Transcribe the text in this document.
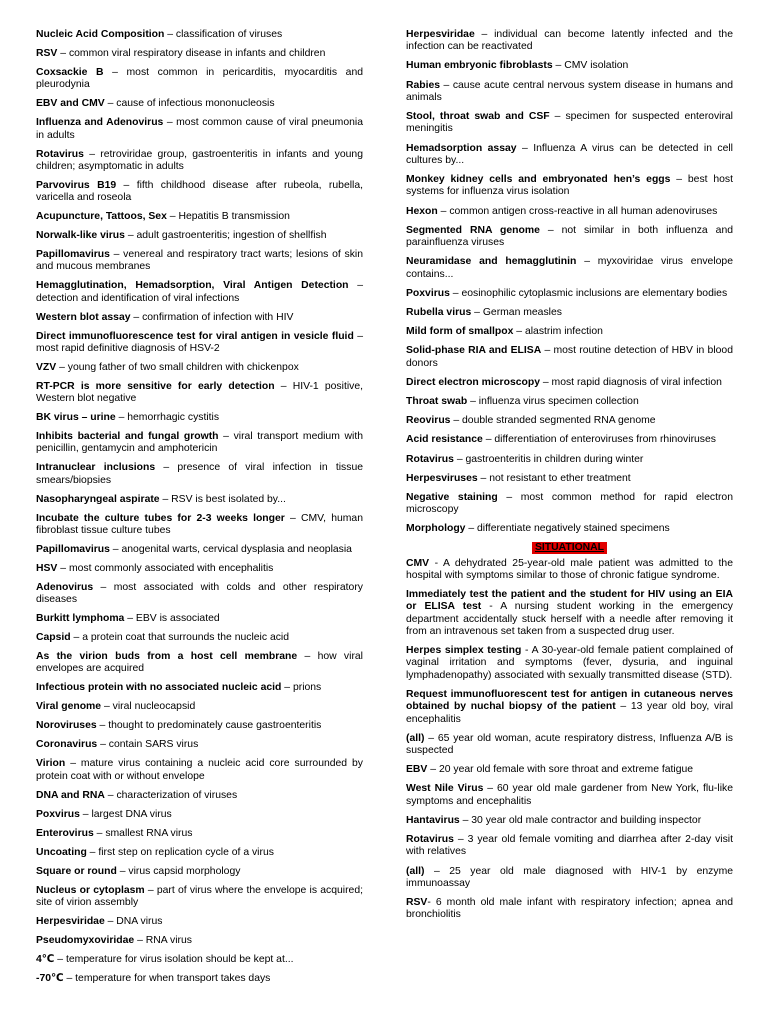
Nucleic Acid Composition – classification of viruses
RSV – common viral respiratory disease in infants and children
Coxsackie B – most common in pericarditis, myocarditis and pleurodynia
EBV and CMV – cause of infectious mononucleosis
Influenza and Adenovirus – most common cause of viral pneumonia in adults
Rotavirus – retroviridae group, gastroenteritis in infants and young children; asymptomatic in adults
Parvovirus B19 – fifth childhood disease after rubeola, rubella, varicella and roseola
Acupuncture, Tattoos, Sex – Hepatitis B transmission
Norwalk-like virus – adult gastroenteritis; ingestion of shellfish
Papillomavirus – venereal and respiratory tract warts; lesions of skin and mucous membranes
Hemagglutination, Hemadsorption, Viral Antigen Detection – detection and identification of viral infections
Western blot assay – confirmation of infection with HIV
Direct immunofluorescence test for viral antigen in vesicle fluid – most rapid definitive diagnosis of HSV-2
VZV – young father of two small children with chickenpox
RT-PCR is more sensitive for early detection – HIV-1 positive, Western blot negative
BK virus – urine – hemorrhagic cystitis
Inhibits bacterial and fungal growth – viral transport medium with penicillin, gentamycin and amphotericin
Intranuclear inclusions – presence of viral infection in tissue smears/biopsies
Nasopharyngeal aspirate – RSV is best isolated by...
Incubate the culture tubes for 2-3 weeks longer – CMV, human fibroblast tissue culture tubes
Papillomavirus – anogenital warts, cervical dysplasia and neoplasia
HSV – most commonly associated with encephalitis
Adenovirus – most associated with colds and other respiratory diseases
Burkitt lymphoma – EBV is associated
Capsid – a protein coat that surrounds the nucleic acid
As the virion buds from a host cell membrane – how viral envelopes are acquired
Infectious protein with no associated nucleic acid – prions
Viral genome – viral nucleocapsid
Noroviruses – thought to predominately cause gastroenteritis
Coronavirus – contain SARS virus
Virion – mature virus containing a nucleic acid core surrounded by protein coat with or without envelope
DNA and RNA – characterization of viruses
Poxvirus – largest DNA virus
Enterovirus – smallest RNA virus
Uncoating – first step on replication cycle of a virus
Square or round – virus capsid morphology
Nucleus or cytoplasm – part of virus where the envelope is acquired; site of virion assembly
Herpesviridae – DNA virus
Pseudomyxoviridae – RNA virus
4℃ – temperature for virus isolation should be kept at...
-70℃ – temperature for when transport takes days
Herpesviridae – individual can become latently infected and the infection can be reactivated
Human embryonic fibroblasts – CMV isolation
Rabies – cause acute central nervous system disease in humans and animals
Stool, throat swab and CSF – specimen for suspected enteroviral meningitis
Hemadsorption assay – Influenza A virus can be detected in cell cultures by...
Monkey kidney cells and embryonated hen’s eggs – best host systems for influenza virus isolation
Hexon – common antigen cross-reactive in all human adenoviruses
Segmented RNA genome – not similar in both influenza and parainfluenza viruses
Neuramidase and hemagglutinin – myxoviridae virus envelope contains...
Poxvirus – eosinophilic cytoplasmic inclusions are elementary bodies
Rubella virus – German measles
Mild form of smallpox – alastrim infection
Solid-phase RIA and ELISA – most routine detection of HBV in blood donors
Direct electron microscopy – most rapid diagnosis of viral infection
Throat swab – influenza virus specimen collection
Reovirus – double stranded segmented RNA genome
Acid resistance – differentiation of enteroviruses from rhinoviruses
Rotavirus – gastroenteritis in children during winter
Herpesviruses – not resistant to ether treatment
Negative staining – most common method for rapid electron microscopy
Morphology – differentiate negatively stained specimens
SITUATIONAL
CMV - A dehydrated 25-year-old male patient was admitted to the hospital with symptoms similar to those of chronic fatigue syndrome.
Immediately test the patient and the student for HIV using an EIA or ELISA test - A nursing student working in the emergency department accidentally stuck herself with a needle after removing it from an intravenous set taken from a suspected drug user.
Herpes simplex testing - A 30-year-old female patient complained of vaginal irritation and symptoms (fever, dysuria, and inguinal lymphadenopathy) associated with sexually transmitted disease (STD).
Request immunofluorescent test for antigen in cutaneous nerves obtained by nuchal biopsy of the patient – 13 year old boy, viral encephalitis
(all) – 65 year old woman, acute respiratory distress, Influenza A/B is suspected
EBV – 20 year old female with sore throat and extreme fatigue
West Nile Virus – 60 year old male gardener from New York, flu-like symptoms and encephalitis
Hantavirus – 30 year old male contractor and building inspector
Rotavirus – 3 year old female vomiting and diarrhea after 2-day visit with relatives
(all) – 25 year old male diagnosed with HIV-1 by enzyme immunoassay
RSV- 6 month old male infant with respiratory infection; apnea and bronchiolitis
